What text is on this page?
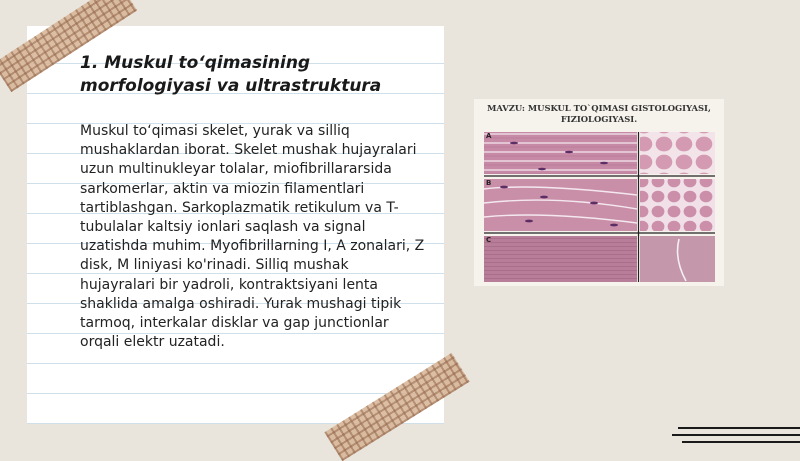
1. Muskul to‘qimasining morfologiyasi va ultrastruktura

Muskul to‘qimasi skelet, yurak va silliq mushaklardan iborat. Skelet mushak hujayralari uzun multinukleyar tolalar, miofibrillararsida sarkomerlar, aktin va miozin filamentlari tartiblashgan. Sarkoplazmatik retikulum va T-tubulalar kaltsiy ionlari saqlash va signal uzatishda muhim. Myofibrillarning I, A zonalari, Z disk, M liniyasi ko'rinadi. Silliq mushak hujayralari bir yadroli, kontraktsiyani lenta shaklida amalga oshiradi. Yurak mushagi tipik tarmoq, interkalar disklar va gap junctionlar orqali elektr uzatadi.

MAVZU: MUSKUL TO`QIMASI GISTOLOGIYASI, FIZIOLOGIYASI.
A
B
C
